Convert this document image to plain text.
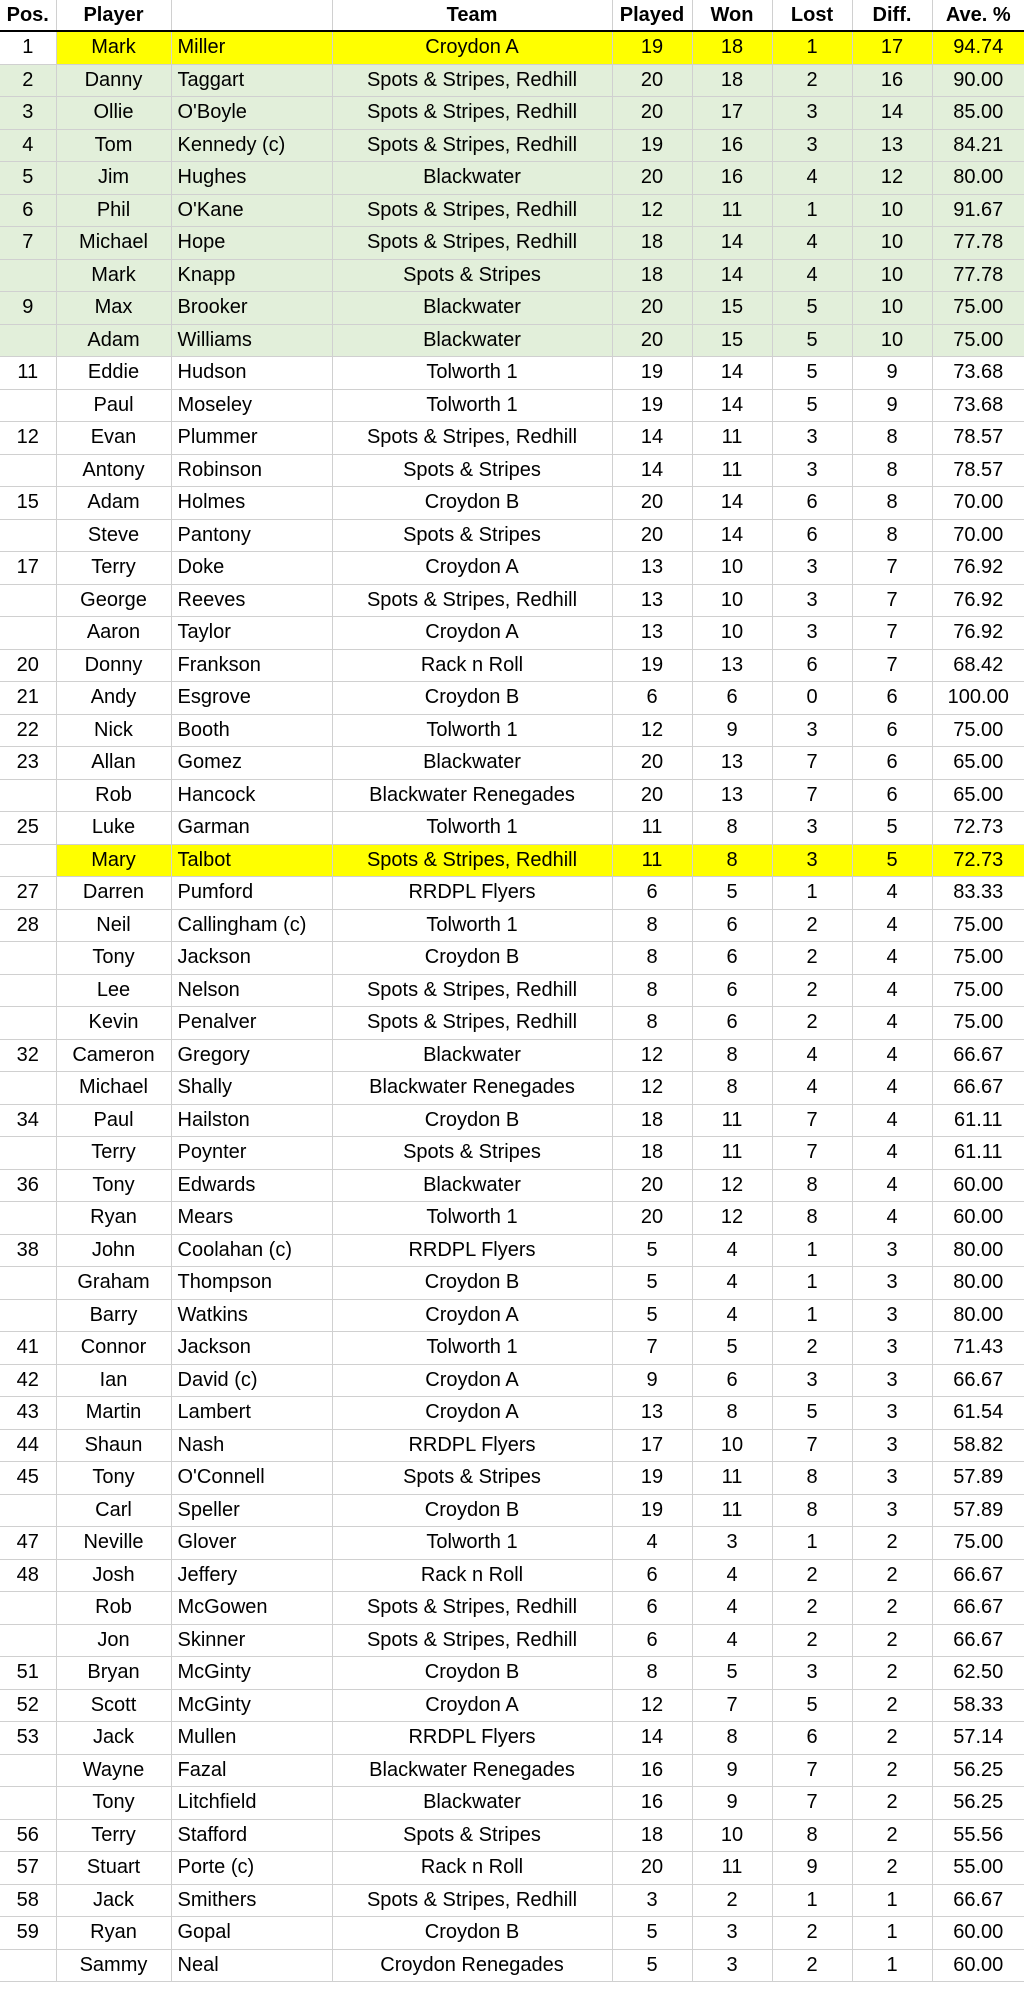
Pos.	Player		Team	Played	Won	Lost	Diff.	Ave. %
1	Mark	Miller	Croydon A	19	18	1	17	94.74
2	Danny	Taggart	Spots & Stripes, Redhill	20	18	2	16	90.00
3	Ollie	O'Boyle	Spots & Stripes, Redhill	20	17	3	14	85.00
4	Tom	Kennedy (c)	Spots & Stripes, Redhill	19	16	3	13	84.21
5	Jim	Hughes	Blackwater	20	16	4	12	80.00
6	Phil	O'Kane	Spots & Stripes, Redhill	12	11	1	10	91.67
7	Michael	Hope	Spots & Stripes, Redhill	18	14	4	10	77.78
	Mark	Knapp	Spots & Stripes	18	14	4	10	77.78
9	Max	Brooker	Blackwater	20	15	5	10	75.00
	Adam	Williams	Blackwater	20	15	5	10	75.00
11	Eddie	Hudson	Tolworth 1	19	14	5	9	73.68
	Paul	Moseley	Tolworth 1	19	14	5	9	73.68
12	Evan	Plummer	Spots & Stripes, Redhill	14	11	3	8	78.57
	Antony	Robinson	Spots & Stripes	14	11	3	8	78.57
15	Adam	Holmes	Croydon B	20	14	6	8	70.00
	Steve	Pantony	Spots & Stripes	20	14	6	8	70.00
17	Terry	Doke	Croydon A	13	10	3	7	76.92
	George	Reeves	Spots & Stripes, Redhill	13	10	3	7	76.92
	Aaron	Taylor	Croydon A	13	10	3	7	76.92
20	Donny	Frankson	Rack n Roll	19	13	6	7	68.42
21	Andy	Esgrove	Croydon B	6	6	0	6	100.00
22	Nick	Booth	Tolworth 1	12	9	3	6	75.00
23	Allan	Gomez	Blackwater	20	13	7	6	65.00
	Rob	Hancock	Blackwater Renegades	20	13	7	6	65.00
25	Luke	Garman	Tolworth 1	11	8	3	5	72.73
	Mary	Talbot	Spots & Stripes, Redhill	11	8	3	5	72.73
27	Darren	Pumford	RRDPL Flyers	6	5	1	4	83.33
28	Neil	Callingham (c)	Tolworth 1	8	6	2	4	75.00
	Tony	Jackson	Croydon B	8	6	2	4	75.00
	Lee	Nelson	Spots & Stripes, Redhill	8	6	2	4	75.00
	Kevin	Penalver	Spots & Stripes, Redhill	8	6	2	4	75.00
32	Cameron	Gregory	Blackwater	12	8	4	4	66.67
	Michael	Shally	Blackwater Renegades	12	8	4	4	66.67
34	Paul	Hailston	Croydon B	18	11	7	4	61.11
	Terry	Poynter	Spots & Stripes	18	11	7	4	61.11
36	Tony	Edwards	Blackwater	20	12	8	4	60.00
	Ryan	Mears	Tolworth 1	20	12	8	4	60.00
38	John	Coolahan (c)	RRDPL Flyers	5	4	1	3	80.00
	Graham	Thompson	Croydon B	5	4	1	3	80.00
	Barry	Watkins	Croydon A	5	4	1	3	80.00
41	Connor	Jackson	Tolworth 1	7	5	2	3	71.43
42	Ian	David (c)	Croydon A	9	6	3	3	66.67
43	Martin	Lambert	Croydon A	13	8	5	3	61.54
44	Shaun	Nash	RRDPL Flyers	17	10	7	3	58.82
45	Tony	O'Connell	Spots & Stripes	19	11	8	3	57.89
	Carl	Speller	Croydon B	19	11	8	3	57.89
47	Neville	Glover	Tolworth 1	4	3	1	2	75.00
48	Josh	Jeffery	Rack n Roll	6	4	2	2	66.67
	Rob	McGowen	Spots & Stripes, Redhill	6	4	2	2	66.67
	Jon	Skinner	Spots & Stripes, Redhill	6	4	2	2	66.67
51	Bryan	McGinty	Croydon B	8	5	3	2	62.50
52	Scott	McGinty	Croydon A	12	7	5	2	58.33
53	Jack	Mullen	RRDPL Flyers	14	8	6	2	57.14
	Wayne	Fazal	Blackwater Renegades	16	9	7	2	56.25
	Tony	Litchfield	Blackwater	16	9	7	2	56.25
56	Terry	Stafford	Spots & Stripes	18	10	8	2	55.56
57	Stuart	Porte (c)	Rack n Roll	20	11	9	2	55.00
58	Jack	Smithers	Spots & Stripes, Redhill	3	2	1	1	66.67
59	Ryan	Gopal	Croydon B	5	3	2	1	60.00
	Sammy	Neal	Croydon Renegades	5	3	2	1	60.00
